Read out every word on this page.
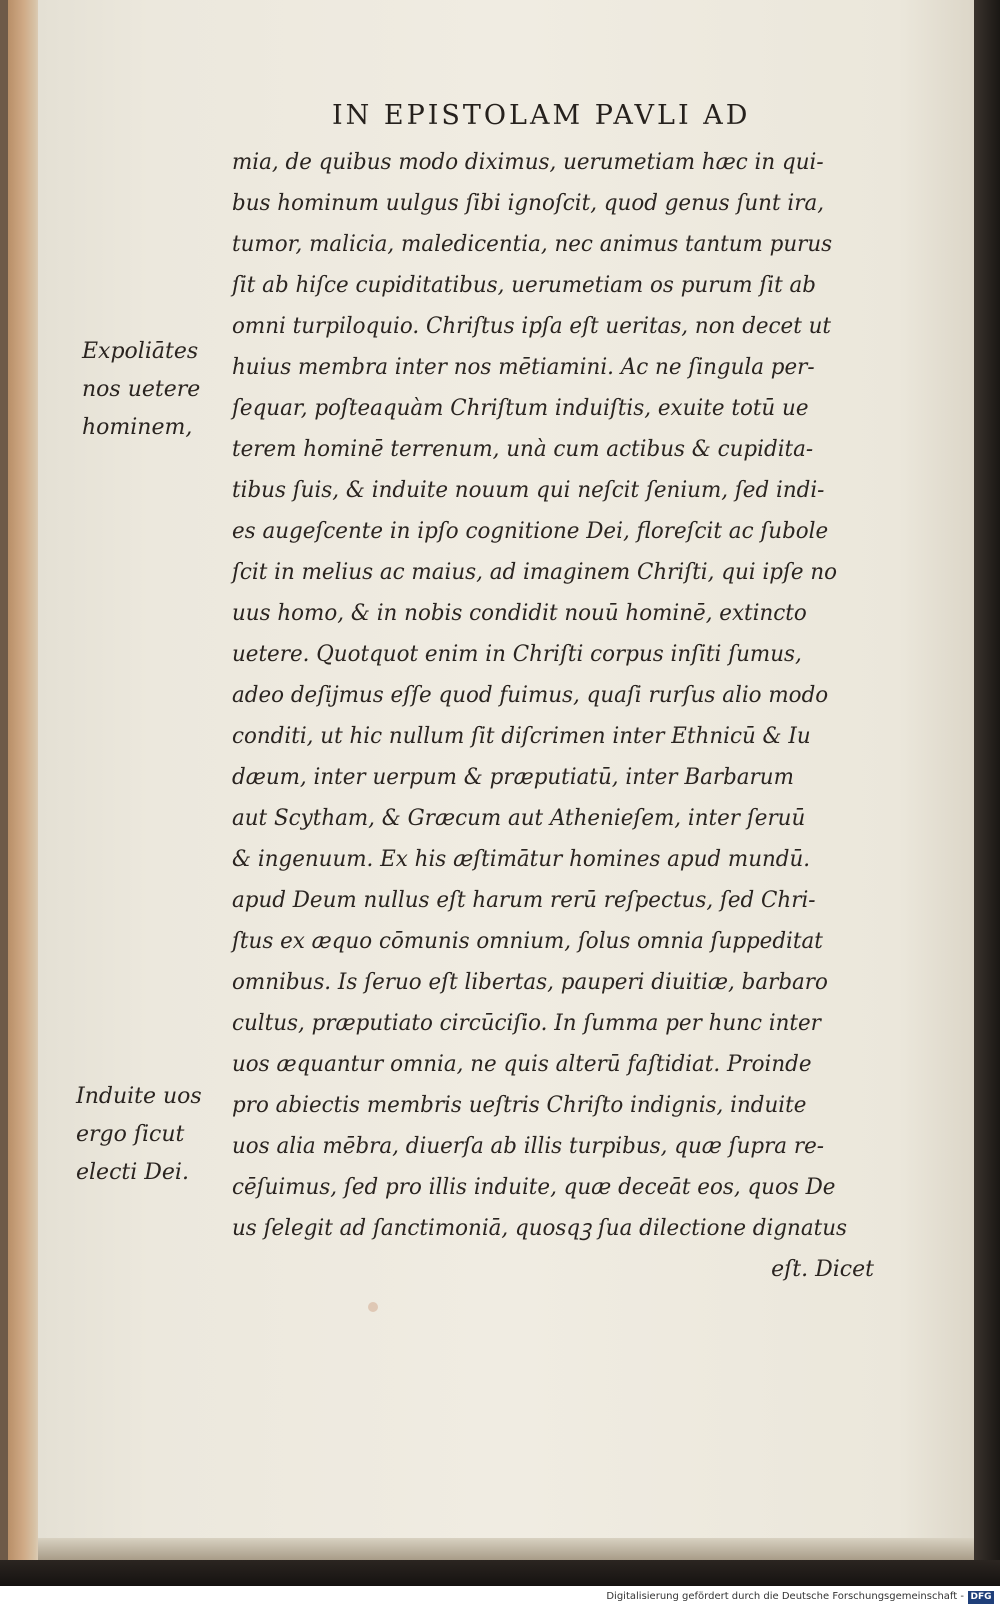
IN EPISTOLAM PAVLI AD
mia, de quibus modo diximus, uerumetiam hæc in qui-
bus hominum uulgus ſibi ignoſcit, quod genus ſunt ira,
tumor, malicia, maledicentia, nec animus tantum purus
ſit ab hiſce cupiditatibus, uerumetiam os purum ſit ab
omni turpiloquio. Chriſtus ipſa eſt ueritas, non decet ut
huius membra inter nos mētiamini. Ac ne ſingula per-
ſequar, poſteaquàm Chriſtum induiſtis, exuite totū ue
terem hominē terrenum, unà cum actibus & cupidita-
tibus ſuis, & induite nouum qui neſcit ſenium, ſed indi-
es augeſcente in ipſo cognitione Dei, floreſcit ac ſubole
ſcit in melius ac maius, ad imaginem Chriſti, qui ipſe no
uus homo, & in nobis condidit nouū hominē, extincto
uetere. Quotquot enim in Chriſti corpus inſiti ſumus,
adeo deſijmus eſſe quod fuimus, quaſi rurſus alio modo
conditi, ut hic nullum ſit diſcrimen inter Ethnicū & Iu
dæum, inter uerpum & præputiatū, inter Barbarum
aut Scytham, & Græcum aut Athenieſem, inter ſeruū
& ingenuum. Ex his æſtimātur homines apud mundū.
apud Deum nullus eſt harum rerū reſpectus, ſed Chri-
ſtus ex æquo cōmunis omnium, ſolus omnia ſuppeditat
omnibus. Is ſeruo eſt libertas, pauperi diuitiæ, barbaro
cultus, præputiato circūciſio. In ſumma per hunc inter
uos æquantur omnia, ne quis alterū faſtidiat. Proinde
pro abiectis membris ueſtris Chriſto indignis, induite
uos alia mēbra, diuerſa ab illis turpibus, quæ ſupra re-
cēſuimus, ſed pro illis induite, quæ deceāt eos, quos De
us ſelegit ad ſanctimoniā, quosqꝫ ſua dilectione dignatus
eſt. Dicet
Expoliātes
nos uetere
hominem,
Induite uos
ergo ſicut
electi Dei.
Digitalisierung gefördert durch die Deutsche Forschungsgemeinschaft - DFG
